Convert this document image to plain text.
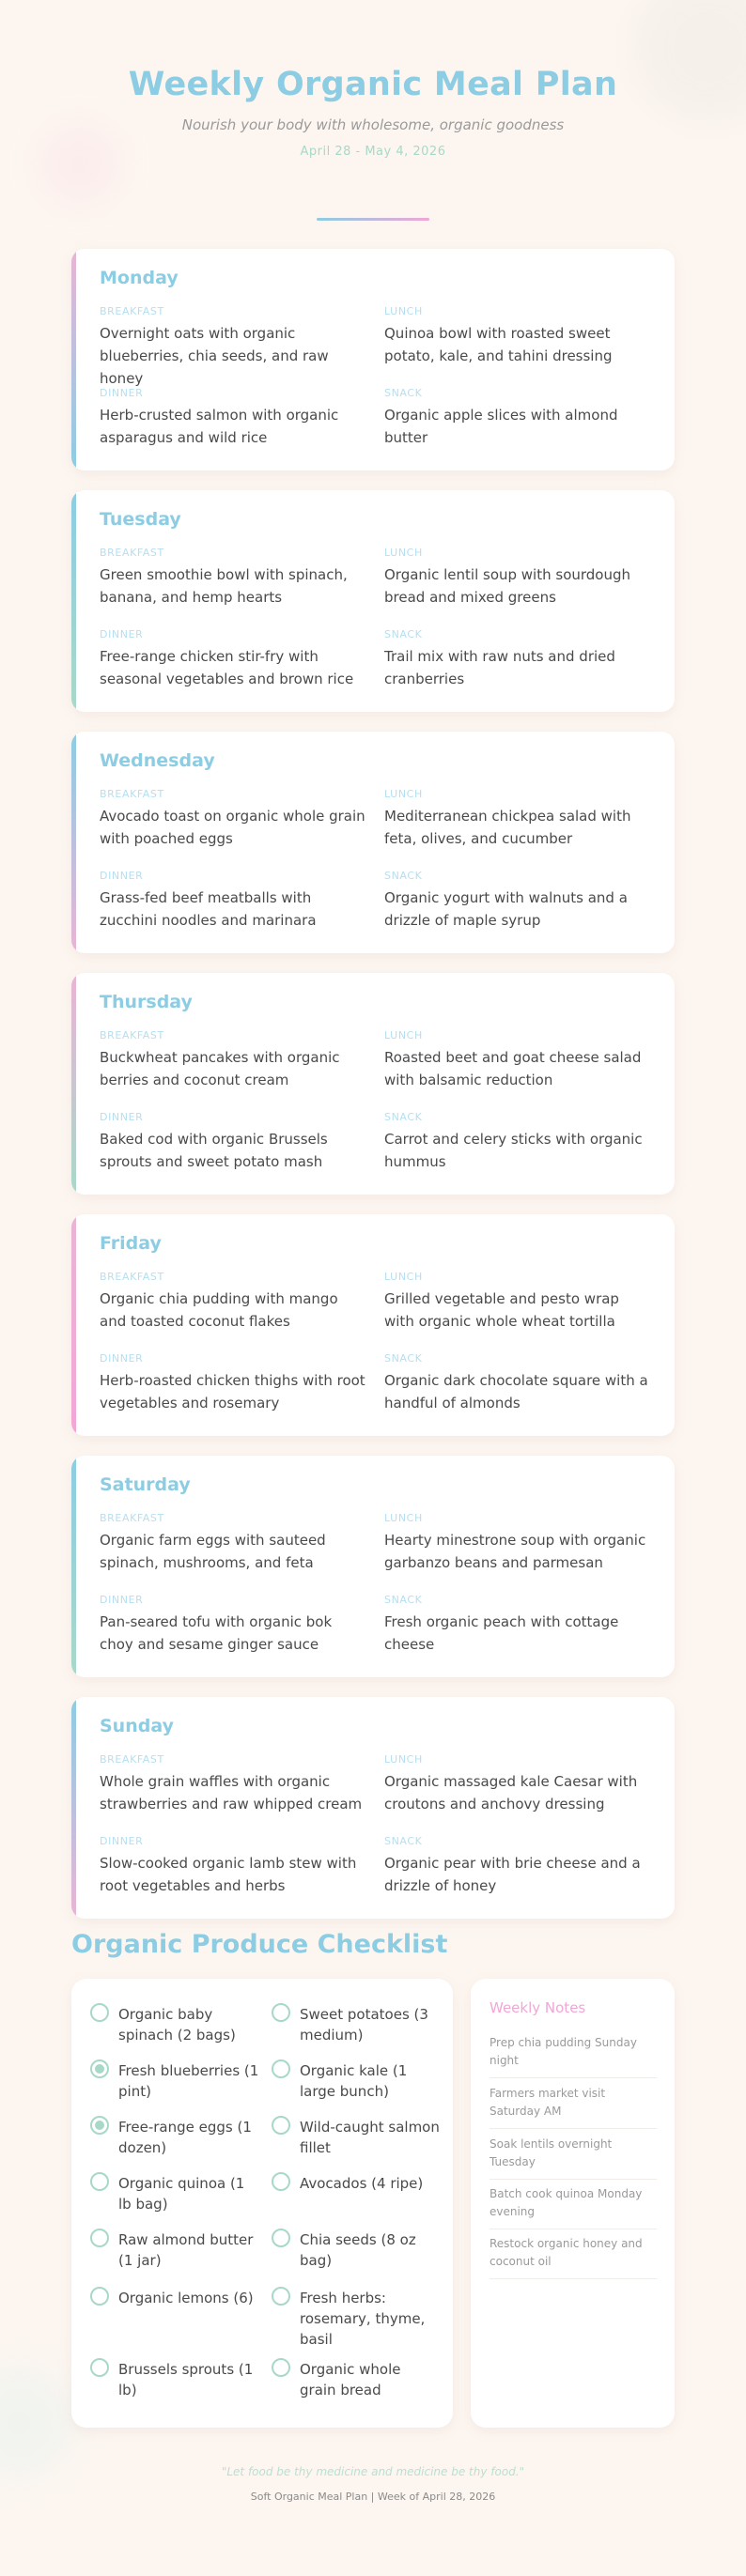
Weekly Organic Meal Plan
Nourish your body with wholesome, organic goodness
April 28 - May 4, 2026
Monday
BREAKFAST
Overnight oats with organic blueberries, chia seeds, and raw honey
LUNCH
Quinoa bowl with roasted sweet potato, kale, and tahini dressing
DINNER
Herb-crusted salmon with organic asparagus and wild rice
SNACK
Organic apple slices with almond butter
Tuesday
BREAKFAST
Green smoothie bowl with spinach, banana, and hemp hearts
LUNCH
Organic lentil soup with sourdough bread and mixed greens
DINNER
Free-range chicken stir-fry with seasonal vegetables and brown rice
SNACK
Trail mix with raw nuts and dried cranberries
Wednesday
BREAKFAST
Avocado toast on organic whole grain with poached eggs
LUNCH
Mediterranean chickpea salad with feta, olives, and cucumber
DINNER
Grass-fed beef meatballs with zucchini noodles and marinara
SNACK
Organic yogurt with walnuts and a drizzle of maple syrup
Thursday
BREAKFAST
Buckwheat pancakes with organic berries and coconut cream
LUNCH
Roasted beet and goat cheese salad with balsamic reduction
DINNER
Baked cod with organic Brussels sprouts and sweet potato mash
SNACK
Carrot and celery sticks with organic hummus
Friday
BREAKFAST
Organic chia pudding with mango and toasted coconut flakes
LUNCH
Grilled vegetable and pesto wrap with organic whole wheat tortilla
DINNER
Herb-roasted chicken thighs with root vegetables and rosemary
SNACK
Organic dark chocolate square with a handful of almonds
Saturday
BREAKFAST
Organic farm eggs with sauteed spinach, mushrooms, and feta
LUNCH
Hearty minestrone soup with organic garbanzo beans and parmesan
DINNER
Pan-seared tofu with organic bok choy and sesame ginger sauce
SNACK
Fresh organic peach with cottage cheese
Sunday
BREAKFAST
Whole grain waffles with organic strawberries and raw whipped cream
LUNCH
Organic massaged kale Caesar with croutons and anchovy dressing
DINNER
Slow-cooked organic lamb stew with root vegetables and herbs
SNACK
Organic pear with brie cheese and a drizzle of honey
Organic Produce Checklist
Organic baby spinach (2 bags)
Sweet potatoes (3 medium)
Fresh blueberries (1 pint)
Organic kale (1 large bunch)
Free-range eggs (1 dozen)
Wild-caught salmon fillet
Organic quinoa (1 lb bag)
Avocados (4 ripe)
Raw almond butter (1 jar)
Chia seeds (8 oz bag)
Organic lemons (6)	Fresh herbs: rosemary, thyme, basil
Brussels sprouts (1 lb)
Organic whole grain bread
Weekly Notes
Prep chia pudding Sunday night
Farmers market visit Saturday AM
Soak lentils overnight Tuesday
Batch cook quinoa Monday evening
Restock organic honey and coconut oil
"Let food be thy medicine and medicine be thy food."
Soft Organic Meal Plan | Week of April 28, 2026
